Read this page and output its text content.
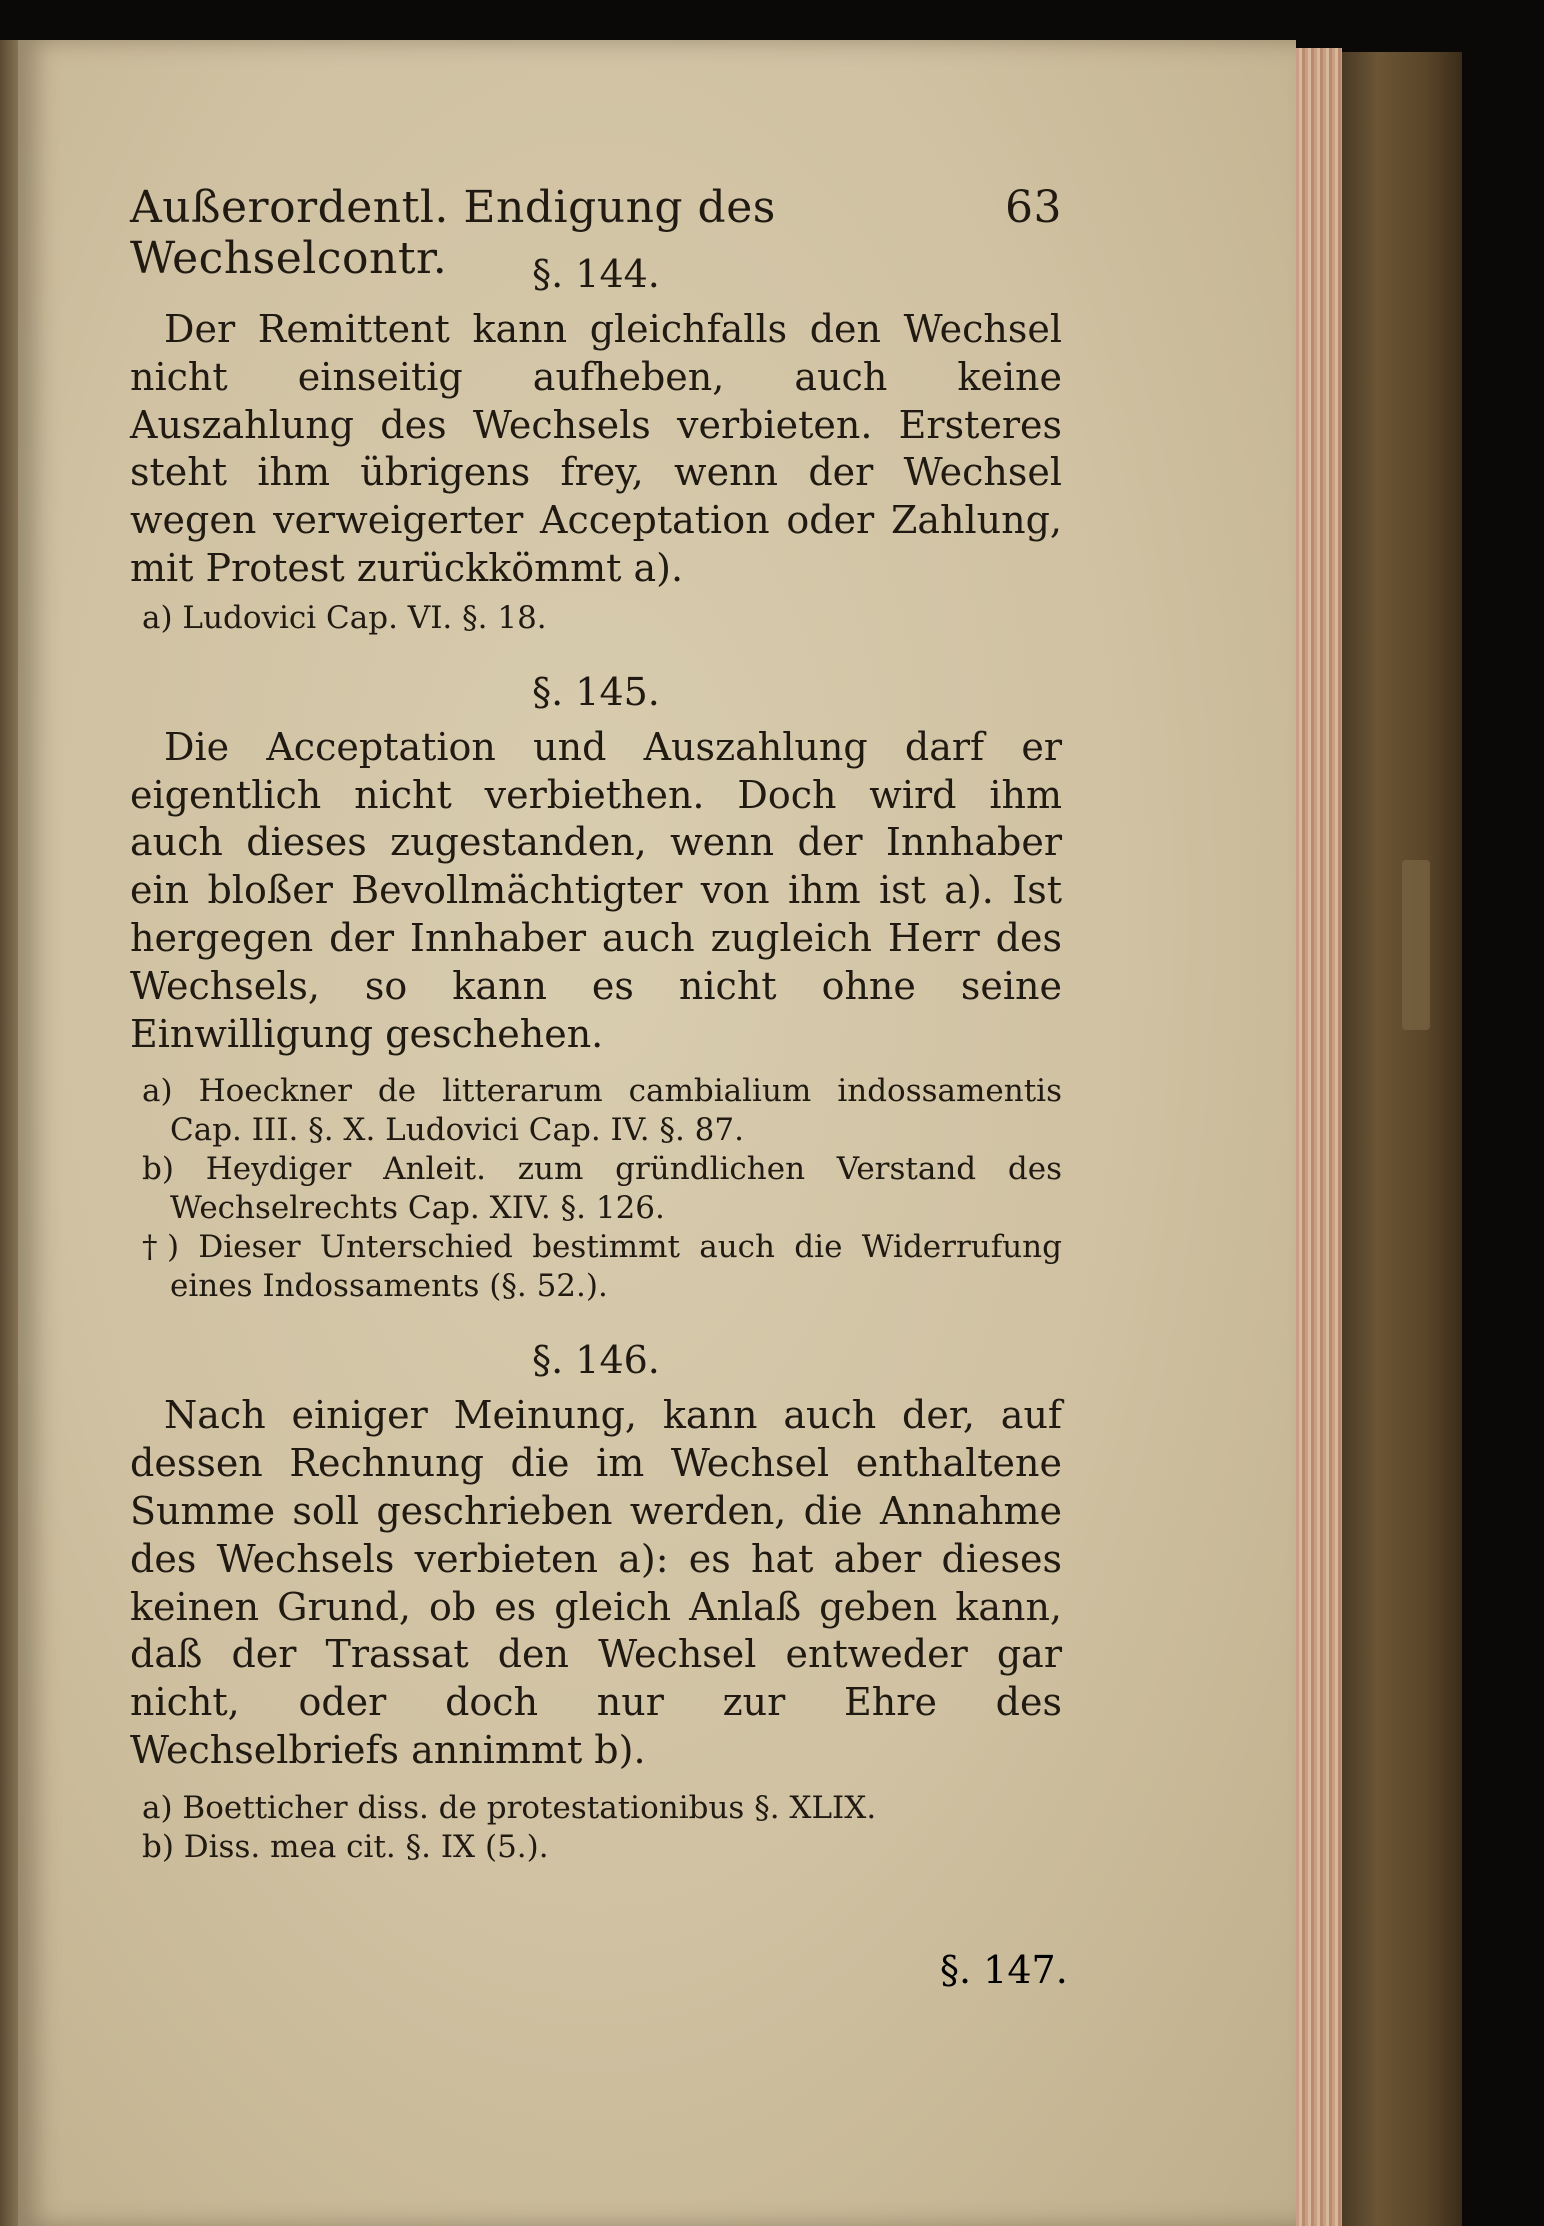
Außerordentl. Endigung des Wechselcontr.
63
§. 144.

Der Remittent kann gleichfalls den Wechsel nicht einseitig aufheben, auch keine Auszahlung des Wechsels verbieten. Ersteres steht ihm übrigens frey, wenn der Wechsel wegen verweigerter Acceptation oder Zahlung, mit Protest zurückkömmt a).

a) Ludovici Cap. VI. §. 18.

§. 145.

Die Acceptation und Auszahlung darf er eigentlich nicht verbiethen. Doch wird ihm auch dieses zugestanden, wenn der Innhaber ein bloßer Bevollmächtigter von ihm ist a). Ist hergegen der Innhaber auch zugleich Herr des Wechsels, so kann es nicht ohne seine Einwilligung geschehen.

a) Hoeckner de litterarum cambialium indossamentis Cap. III. §. X. Ludovici Cap. IV. §. 87.

b) Heydiger Anleit. zum gründlichen Verstand des Wechselrechts Cap. XIV. §. 126.

†) Dieser Unterschied bestimmt auch die Widerrufung eines Indossaments (§. 52.).

§. 146.

Nach einiger Meinung, kann auch der, auf dessen Rechnung die im Wechsel enthaltene Summe soll geschrieben werden, die Annahme des Wechsels verbieten a): es hat aber dieses keinen Grund, ob es gleich Anlaß geben kann, daß der Trassat den Wechsel entweder gar nicht, oder doch nur zur Ehre des Wechselbriefs annimmt b).

a) Boetticher diss. de protestationibus §. XLIX.

b) Diss. mea cit. §. IX (5.).

§. 147.
